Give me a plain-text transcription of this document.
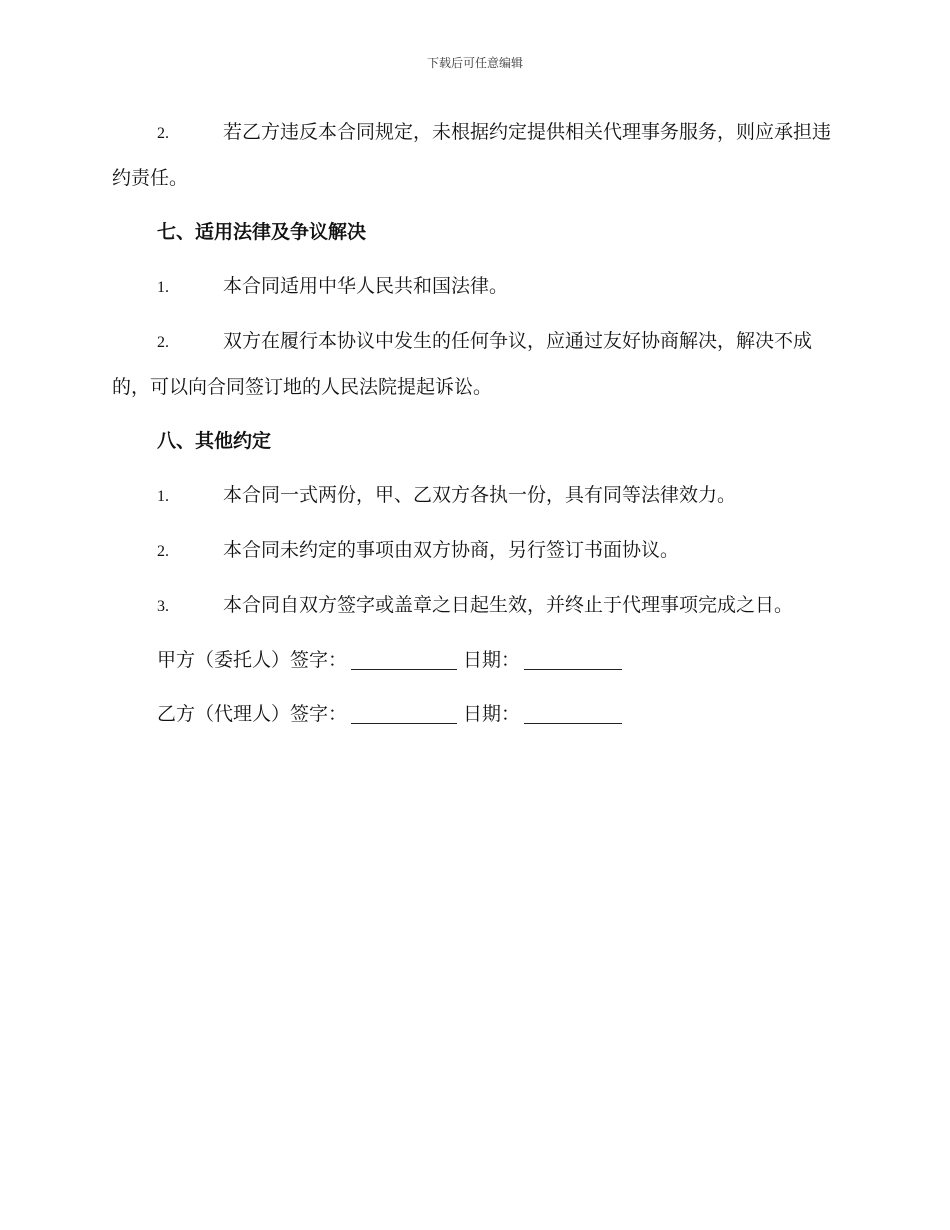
下载后可任意编辑

2.	若乙方违反本合同规定，未根据约定提供相关代理事务服务，则应承担违约责任。

七、适用法律及争议解决

1.	本合同适用中华人民共和国法律。

2.	双方在履行本协议中发生的任何争议，应通过友好协商解决，解决不成的，可以向合同签订地的人民法院提起诉讼。

八、其他约定

1.	本合同一式两份，甲、乙双方各执一份，具有同等法律效力。

2.	本合同未约定的事项由双方协商，另行签订书面协议。

3.	本合同自双方签字或盖章之日起生效，并终止于代理事项完成之日。

甲方（委托人）签字：	日期：
乙方（代理人）签字：	日期：
